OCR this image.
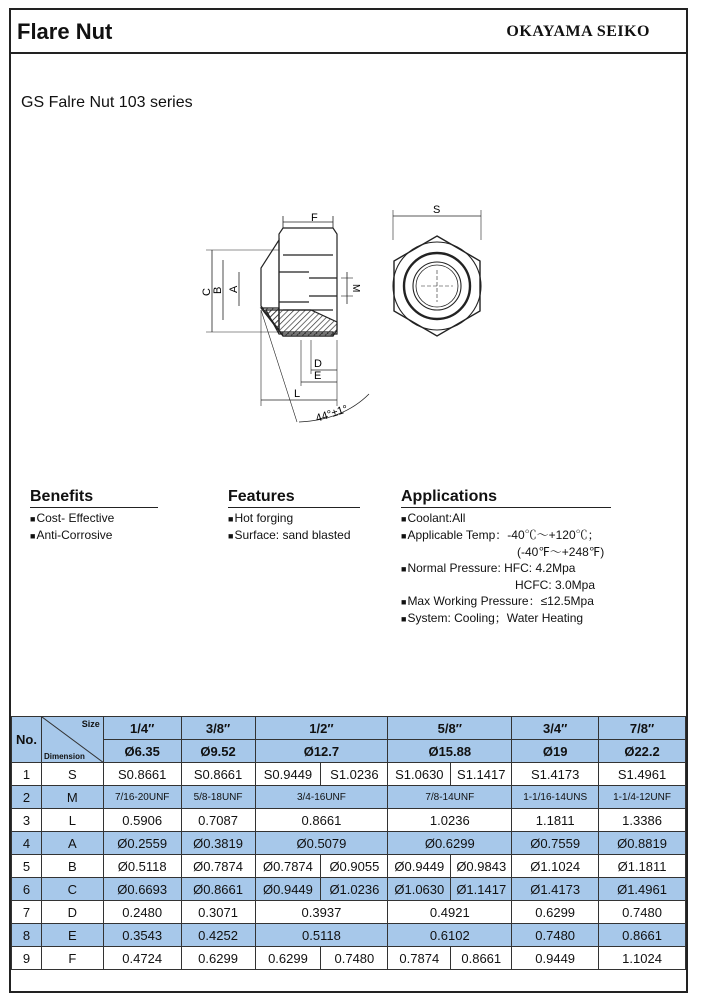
Flare Nut	OKAYAMA SEIKO
GS Falre Nut 103 series
F
C B A	M
D
E
L
44°±1°
S
Benefits
■Cost- Effective
■Anti-Corrosive
Features
■Hot forging
■Surface: sand blasted
Applications
■Coolant:All
■Applicable Temp：-40℃～+120℃；
(-40℉～+248℉)
■Normal Pressure: HFC: 4.2Mpa
HCFC: 3.0Mpa
■Max Working Pressure：≤12.5Mpa
■System: Cooling；Water Heating
No.	Size
Dimension	1/4″	3/8″	1/2″		5/8″		3/4″	7/8″
		Ø6.35	Ø9.52	Ø12.7		Ø15.88		Ø19	Ø22.2
1	S	S0.8661	S0.8661	S0.9449	S1.0236	S1.0630	S1.1417	S1.4173	S1.4961
2	M	7/16-20UNF	5/8-18UNF	3/4-16UNF		7/8-14UNF		1-1/16-14UNS	1-1/4-12UNF
3	L	0.5906	0.7087	0.8661		1.0236		1.1811	1.3386
4	A	Ø0.2559	Ø0.3819	Ø0.5079		Ø0.6299		Ø0.7559	Ø0.8819
5	B	Ø0.5118	Ø0.7874	Ø0.7874	Ø0.9055	Ø0.9449	Ø0.9843	Ø1.1024	Ø1.1811
6	C	Ø0.6693	Ø0.8661	Ø0.9449	Ø1.0236	Ø1.0630	Ø1.1417	Ø1.4173	Ø1.4961
7	D	0.2480	0.3071	0.3937		0.4921		0.6299	0.7480
8	E	0.3543	0.4252	0.5118		0.6102		0.7480	0.8661
9	F	0.4724	0.6299	0.6299	0.7480	0.7874	0.8661	0.9449	1.1024
